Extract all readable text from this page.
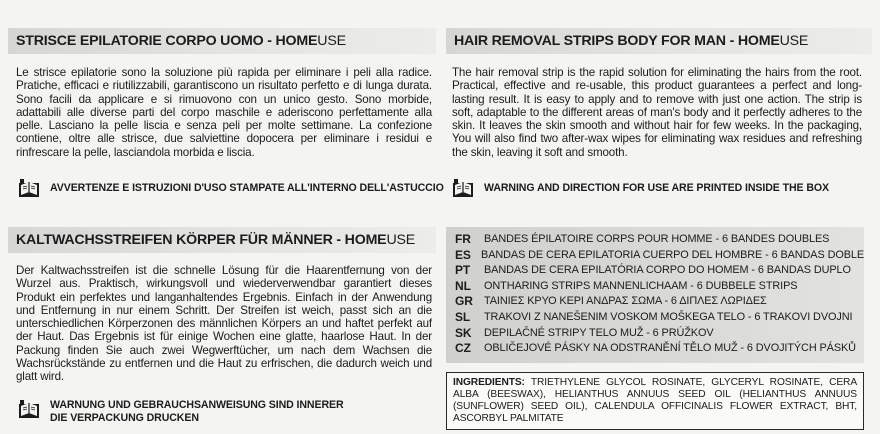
STRISCE EPILATORIE CORPO UOMO - HOME USE
Le strisce epilatorie sono la soluzione più rapida per eliminare i peli alla radice. Pratiche, efficaci e riutilizzabili, garantiscono un risultato perfetto e di lunga durata. Sono facili da applicare e si rimuovono con un unico gesto. Sono morbide, adattabili alle diverse parti del corpo maschile e aderiscono perfettamente alla pelle. Lasciano la pelle liscia e senza peli per molte settimane. La confezione contiene, oltre alle strisce, due salviettine dopocera per eliminare i residui e rinfrescare la pelle, lasciandola morbida e liscia.
AVVERTENZE E ISTRUZIONI D'USO STAMPATE ALL'INTERNO DELL'ASTUCCIO
HAIR REMOVAL STRIPS BODY FOR MAN - HOME USE
The hair removal strip is the rapid solution for eliminating the hairs from the root. Practical, effective and re-usable, this product guarantees a perfect and long-lasting result. It is easy to apply and to remove with just one action. The strip is soft, adaptable to the different areas of man's body and it perfectly adheres to the skin. It leaves the skin smooth and without hair for few weeks. In the packaging, You will also find two after-wax wipes for eliminating wax residues and refreshing the skin, leaving it soft and smooth.
WARNING AND DIRECTION FOR USE ARE PRINTED INSIDE THE BOX
KALTWACHSSTREIFEN KÖRPER FÜR MÄNNER - HOME USE
Der Kaltwachsstreifen ist die schnelle Lösung für die Haarentfernung von der Wurzel aus. Praktisch, wirkungsvoll und wiederverwendbar garantiert dieses Produkt ein perfektes und langanhaltendes Ergebnis. Einfach in der Anwendung und Entfernung in nur einem Schritt. Der Streifen ist weich, passt sich an die unterschiedlichen Körperzonen des männlichen Körpers an und haftet perfekt auf der Haut. Das Ergebnis ist für einige Wochen eine glatte, haarlose Haut. In der Packung finden Sie auch zwei Wegwerftücher, um nach dem Wachsen die Wachsrückstände zu entfernen und die Haut zu erfrischen, die dadurch weich und glatt wird.
WARNUNG UND GEBRAUCHSANWEISUNG SIND INNERER
DIE VERPACKUNG DRUCKEN
FR	BANDES ÉPILATOIRE CORPS POUR HOMME - 6 BANDES DOUBLES
ES BANDAS DE CERA EPILATORIA CUERPO DEL HOMBRE - 6 BANDAS DOBLE
PT	BANDAS DE CERA EPILATÓRIA CORPO DO HOMEM - 6 BANDAS DUPLO
NL	ONTHARING STRIPS MANNENLICHAAM - 6 DUBBELE STRIPS
GR	ΤΑΙΝΙΕΣ ΚΡΥΟ ΚΕΡΙ ΑΝΔΡΑΣ ΣΩΜΑ - 6 ΔΙΠΛΕΣ ΛΩΡΙΔΕΣ
SL	TRAKOVI Z NANEŠENIM VOSKOM MOŠKEGA TELO - 6 TRAKOVI DVOJNI
SK	DEPILAČNÉ STRIPY TELO MUŽ - 6 PRÚŽKOV
CZ	OBLIČEJOVÉ PÁSKY NA ODSTRANĚNÍ TĚLO MUŽ - 6 DVOJITÝCH PÁSKŮ
INGREDIENTS: TRIETHYLENE GLYCOL ROSINATE, GLYCERYL ROSINATE, CERA ALBA (BEESWAX), HELIANTHUS ANNUUS SEED OIL (HELIANTHUS ANNUUS (SUNFLOWER) SEED OIL), CALENDULA OFFICINALIS FLOWER EXTRACT, BHT, ASCORBYL PALMITATE
